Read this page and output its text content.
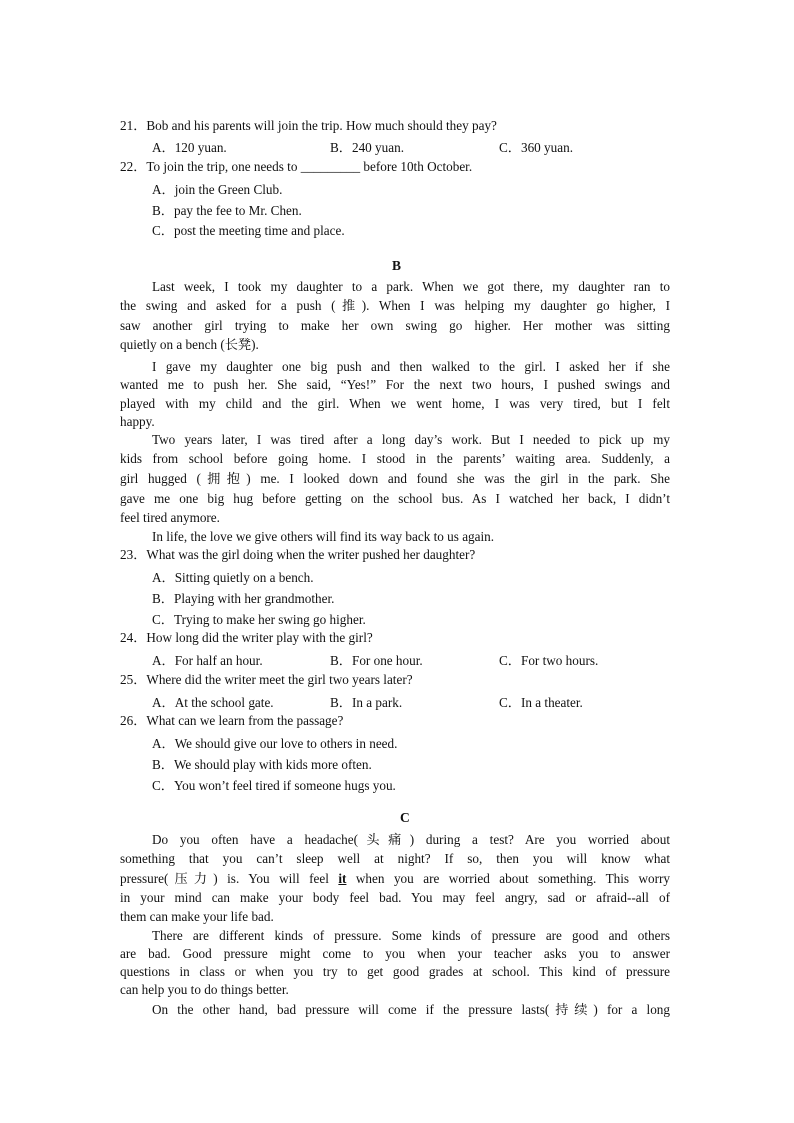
21．Bob and his parents will join the trip. How much should they pay?
A．120 yuan.	B．240 yuan.	C．360 yuan.
22．To join the trip, one needs to _________ before 10th October.
A．join the Green Club.
B．pay the fee to Mr. Chen.
C．post the meeting time and place.
B
Last week, I took my daughter to a park. When we got there, my daughter ran to
the swing and asked for a push (推). When I was helping my daughter go higher, I
saw another girl trying to make her own swing go higher. Her mother was sitting
quietly on a bench (长凳).
I gave my daughter one big push and then walked to the girl. I asked her if she
wanted me to push her. She said, “Yes!” For the next two hours, I pushed swings and
played with my child and the girl. When we went home, I was very tired, but I felt
happy.
Two years later, I was tired after a long day’s work. But I needed to pick up my
kids from school before going home. I stood in the parents’ waiting area. Suddenly, a
girl hugged (拥抱) me. I looked down and found she was the girl in the park. She
gave me one big hug before getting on the school bus. As I watched her back, I didn’t
feel tired anymore.
In life, the love we give others will find its way back to us again.
23．What was the girl doing when the writer pushed her daughter?
A．Sitting quietly on a bench.
B．Playing with her grandmother.
C．Trying to make her swing go higher.
24．How long did the writer play with the girl?
A．For half an hour.	B．For one hour.	C．For two hours.
25．Where did the writer meet the girl two years later?
A．At the school gate.	B．In a park.	C．In a theater.
26．What can we learn from the passage?
A．We should give our love to others in need.
B．We should play with kids more often.
C．You won’t feel tired if someone hugs you.
C
Do you often have a headache(头痛) during a test? Are you worried about
something that you can’t sleep well at night? If so, then you will know what
pressure(压力) is. You will feel it when you are worried about something. This worry
in your mind can make your body feel bad. You may feel angry, sad or afraid--all of
them can make your life bad.
There are different kinds of pressure. Some kinds of pressure are good and others
are bad. Good pressure might come to you when your teacher asks you to answer
questions in class or when you try to get good grades at school. This kind of pressure
can help you to do things better.
On the other hand, bad pressure will come if the pressure lasts(持续) for a long
